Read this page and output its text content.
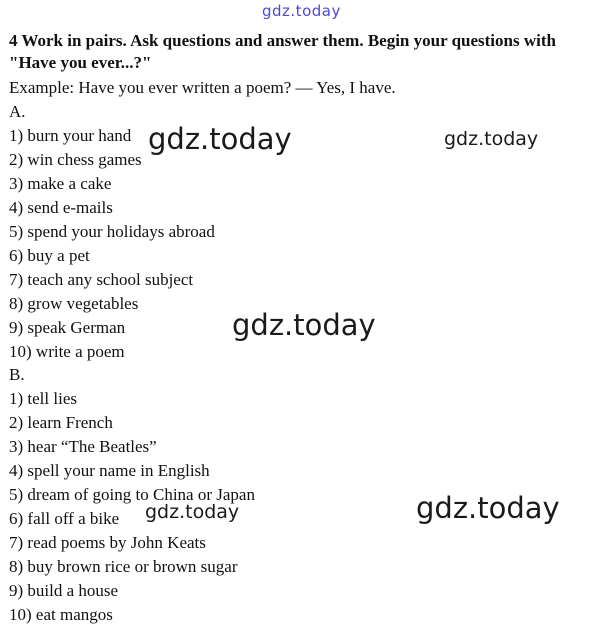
gdz.today
4 Work in pairs. Ask questions and answer them. Begin your questions with
"Have you ever...?"
Example: Have you ever written a poem? — Yes, I have.
A.
1) burn your hand
2) win chess games
3) make a cake
4) send e-mails
5) spend your holidays abroad
6) buy a pet
7) teach any school subject
8) grow vegetables
9) speak German
10) write a poem
B.
1) tell lies
2) learn French
3) hear “The Beatles”
4) spell your name in English
5) dream of going to China or Japan
6) fall off a bike
7) read poems by John Keats
8) buy brown rice or brown sugar
9) build a house
10) eat mangos
gdz.today	gdz.today
gdz.today
gdz.today	gdz.today
